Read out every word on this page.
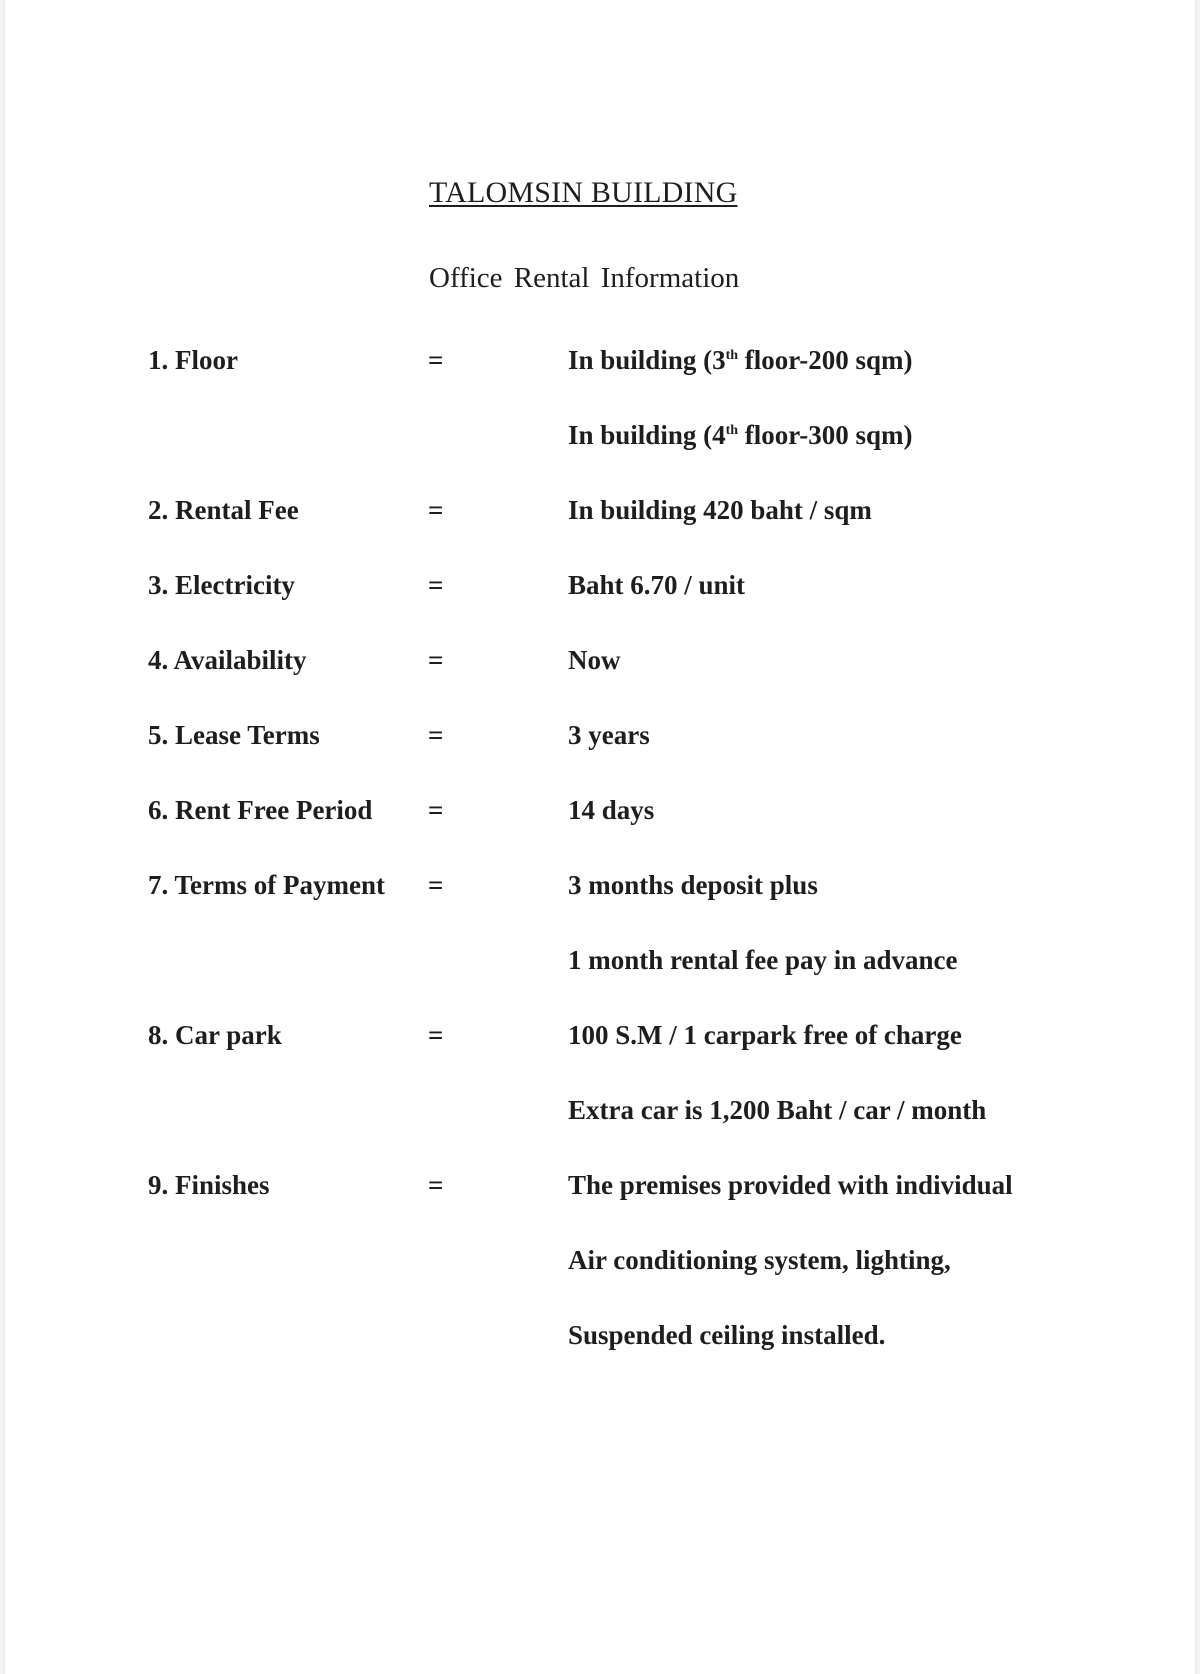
TALOMSIN BUILDING
Office Rental Information
1. Floor	=	In building (3th floor-200 sqm)
In building (4th floor-300 sqm)
2. Rental Fee	=	In building 420 baht / sqm
3. Electricity	=	Baht 6.70 / unit
4. Availability	=	Now
5. Lease Terms	=	3 years
6. Rent Free Period =	14 days
7. Terms of Payment =	3 months deposit plus
1 month rental fee pay in advance
8. Car park	=	100 S.M / 1 carpark free of charge
Extra car is 1,200 Baht / car / month
9. Finishes	=	The premises provided with individual
Air conditioning system, lighting,
Suspended ceiling installed.
